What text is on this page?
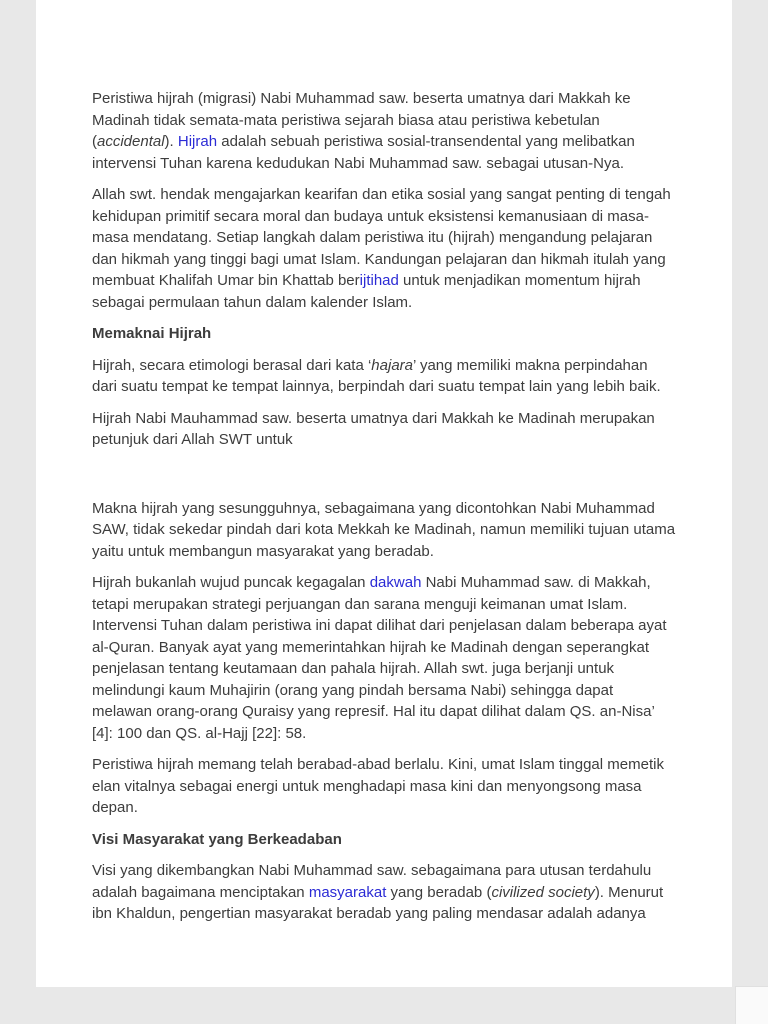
Peristiwa hijrah (migrasi) Nabi Muhammad saw. beserta umatnya dari Makkah ke Madinah tidak semata-mata peristiwa sejarah biasa atau peristiwa kebetulan (accidental). Hijrah adalah sebuah peristiwa sosial-transendental yang melibatkan intervensi Tuhan karena kedudukan Nabi Muhammad saw. sebagai utusan-Nya.

Allah swt. hendak mengajarkan kearifan dan etika sosial yang sangat penting di tengah kehidupan primitif secara moral dan budaya untuk eksistensi kemanusiaan di masa-masa mendatang. Setiap langkah dalam peristiwa itu (hijrah) mengandung pelajaran dan hikmah yang tinggi bagi umat Islam. Kandungan pelajaran dan hikmah itulah yang membuat Khalifah Umar bin Khattab berijtihad untuk menjadikan momentum hijrah sebagai permulaan tahun dalam kalender Islam.

Memaknai Hijrah

Hijrah, secara etimologi berasal dari kata ‘hajara’ yang memiliki makna perpindahan dari suatu tempat ke tempat lainnya, berpindah dari suatu tempat lain yang lebih baik.

Hijrah Nabi Mauhammad saw. beserta umatnya dari Makkah ke Madinah merupakan petunjuk dari Allah SWT untuk

Makna hijrah yang sesungguhnya, sebagaimana yang dicontohkan Nabi Muhammad SAW, tidak sekedar pindah dari kota Mekkah ke Madinah, namun memiliki tujuan utama yaitu untuk membangun masyarakat yang beradab.

Hijrah bukanlah wujud puncak kegagalan dakwah Nabi Muhammad saw. di Makkah, tetapi merupakan strategi perjuangan dan sarana menguji keimanan umat Islam. Intervensi Tuhan dalam peristiwa ini dapat dilihat dari penjelasan dalam beberapa ayat al-Quran. Banyak ayat yang memerintahkan hijrah ke Madinah dengan seperangkat penjelasan tentang keutamaan dan pahala hijrah. Allah swt. juga berjanji untuk melindungi kaum Muhajirin (orang yang pindah bersama Nabi) sehingga dapat melawan orang-orang Quraisy yang represif. Hal itu dapat dilihat dalam QS. an-Nisa’ [4]: 100 dan QS. al-Hajj [22]: 58.

Peristiwa hijrah memang telah berabad-abad berlalu. Kini, umat Islam tinggal memetik elan vitalnya sebagai energi untuk menghadapi masa kini dan menyongsong masa depan.

Visi Masyarakat yang Berkeadaban

Visi yang dikembangkan Nabi Muhammad saw. sebagaimana para utusan terdahulu adalah bagaimana menciptakan masyarakat yang beradab (civilized society). Menurut ibn Khaldun, pengertian masyarakat beradab yang paling mendasar adalah adanya
